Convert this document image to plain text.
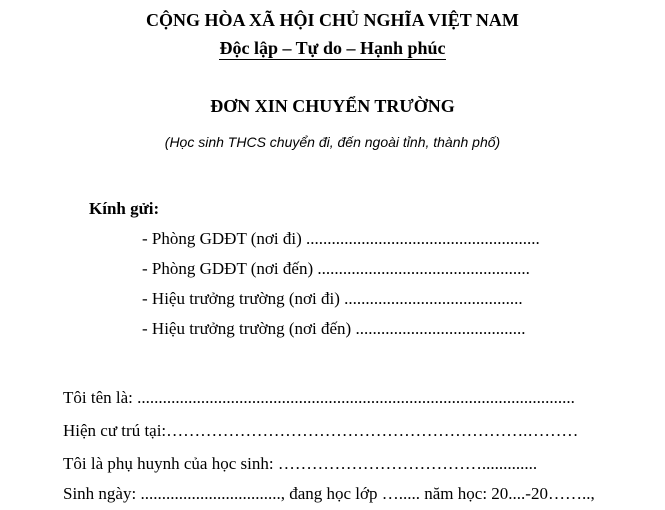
CỘNG HÒA XÃ HỘI CHỦ NGHĨA VIỆT NAM
Độc lập – Tự do – Hạnh phúc
ĐƠN XIN CHUYỂN TRƯỜNG
(Học sinh THCS chuyển đi, đến ngoài tỉnh, thành phố)
Kính gửi:
- Phòng GDĐT (nơi đi) .......................................................
- Phòng GDĐT (nơi đến) ..................................................
- Hiệu trưởng trường (nơi đi) ..........................................
- Hiệu trưởng trường (nơi đến) ........................................
Tôi tên là: .......................................................................................................
Hiện cư trú tại:……………………………………………………….………
Tôi là phụ huynh của học sinh: ……………………………….............
Sinh ngày: ................................., đang học lớp …..... năm học: 20....-20……..,
